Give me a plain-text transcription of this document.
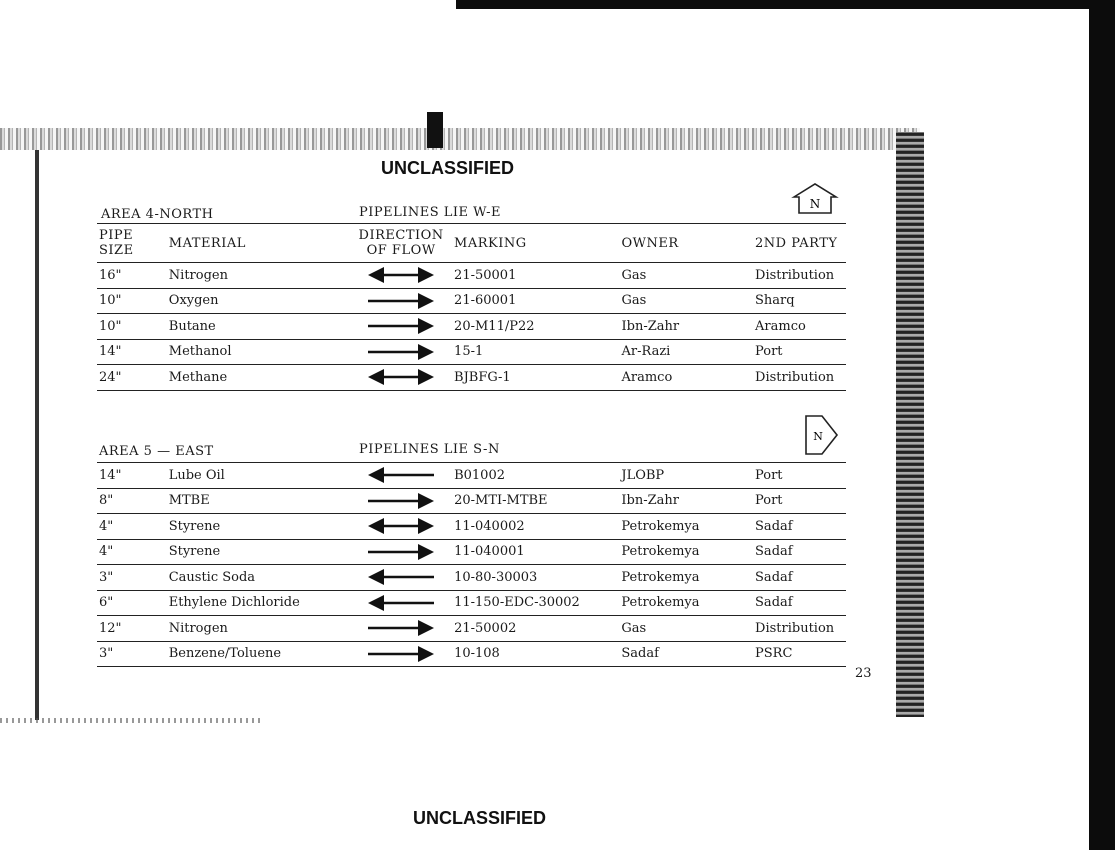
UNCLASSIFIED
AREA 4-NORTH	PIPELINES LIE W-E
N
PIPE SIZE	MATERIAL	DIRECTION OF FLOW	MARKING	OWNER	2ND PARTY
16"	Nitrogen		21-50001	Gas	Distribution
10"	Oxygen		21-60001	Gas	Sharq
10"	Butane		20-M11/P22	Ibn-Zahr	Aramco
14"	Methanol		15-1	Ar-Razi	Port
24"	Methane		BJBFG-1	Aramco	Distribution
N
AREA 5 — EAST	PIPELINES LIE S-N
14"	Lube Oil		B01002	JLOBP	Port
8"	MTBE		20-MTI-MTBE	Ibn-Zahr	Port
4"	Styrene		11-040002	Petrokemya	Sadaf
4"	Styrene		11-040001	Petrokemya	Sadaf
3"	Caustic Soda		10-80-30003	Petrokemya	Sadaf
6"	Ethylene Dichloride		11-150-EDC-30002	Petrokemya	Sadaf
12"	Nitrogen		21-50002	Gas	Distribution
3"	Benzene/Toluene		10-108	Sadaf	PSRC
23
UNCLASSIFIED
